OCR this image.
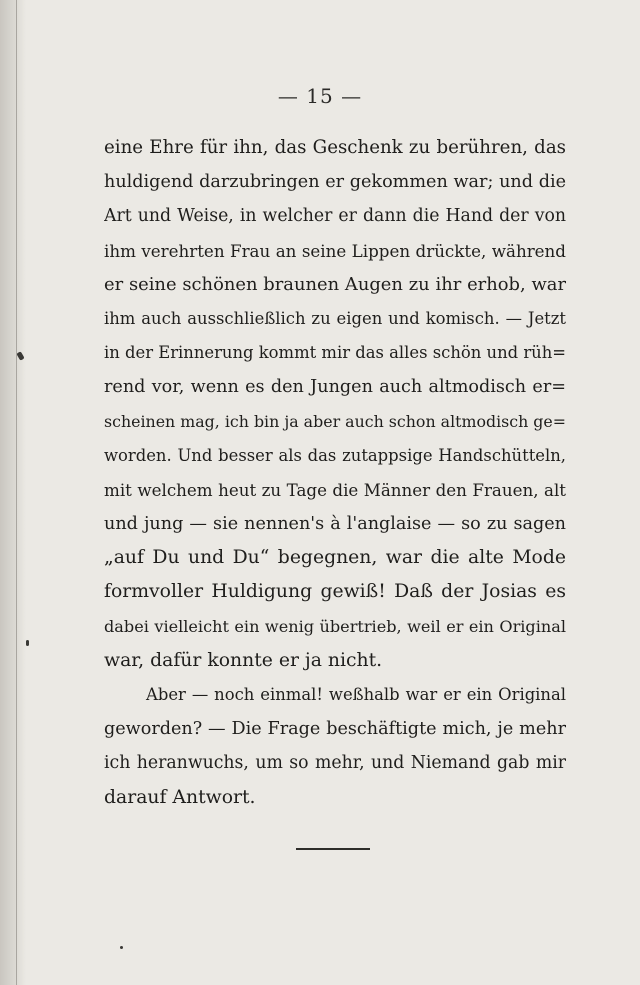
— 15 —
eine Ehre für ihn, das Geschenk zu berühren, das
huldigend darzubringen er gekommen war; und die
Art und Weise, in welcher er dann die Hand der von
ihm verehrten Frau an seine Lippen drückte, während
er seine schönen braunen Augen zu ihr erhob, war
ihm auch ausschließlich zu eigen und komisch. — Jetzt
in der Erinnerung kommt mir das alles schön und rüh=
rend vor, wenn es den Jungen auch altmodisch er=
scheinen mag, ich bin ja aber auch schon altmodisch ge=
worden. Und besser als das zutappsige Handschütteln,
mit welchem heut zu Tage die Männer den Frauen, alt
und jung — sie nennen's à l'anglaise — so zu sagen
„auf Du und Du“ begegnen, war die alte Mode
formvoller Huldigung gewiß! Daß der Josias es
dabei vielleicht ein wenig übertrieb, weil er ein Original
war, dafür konnte er ja nicht.
Aber — noch einmal! weßhalb war er ein Original
geworden? — Die Frage beschäftigte mich, je mehr
ich heranwuchs, um so mehr, und Niemand gab mir
darauf Antwort.
